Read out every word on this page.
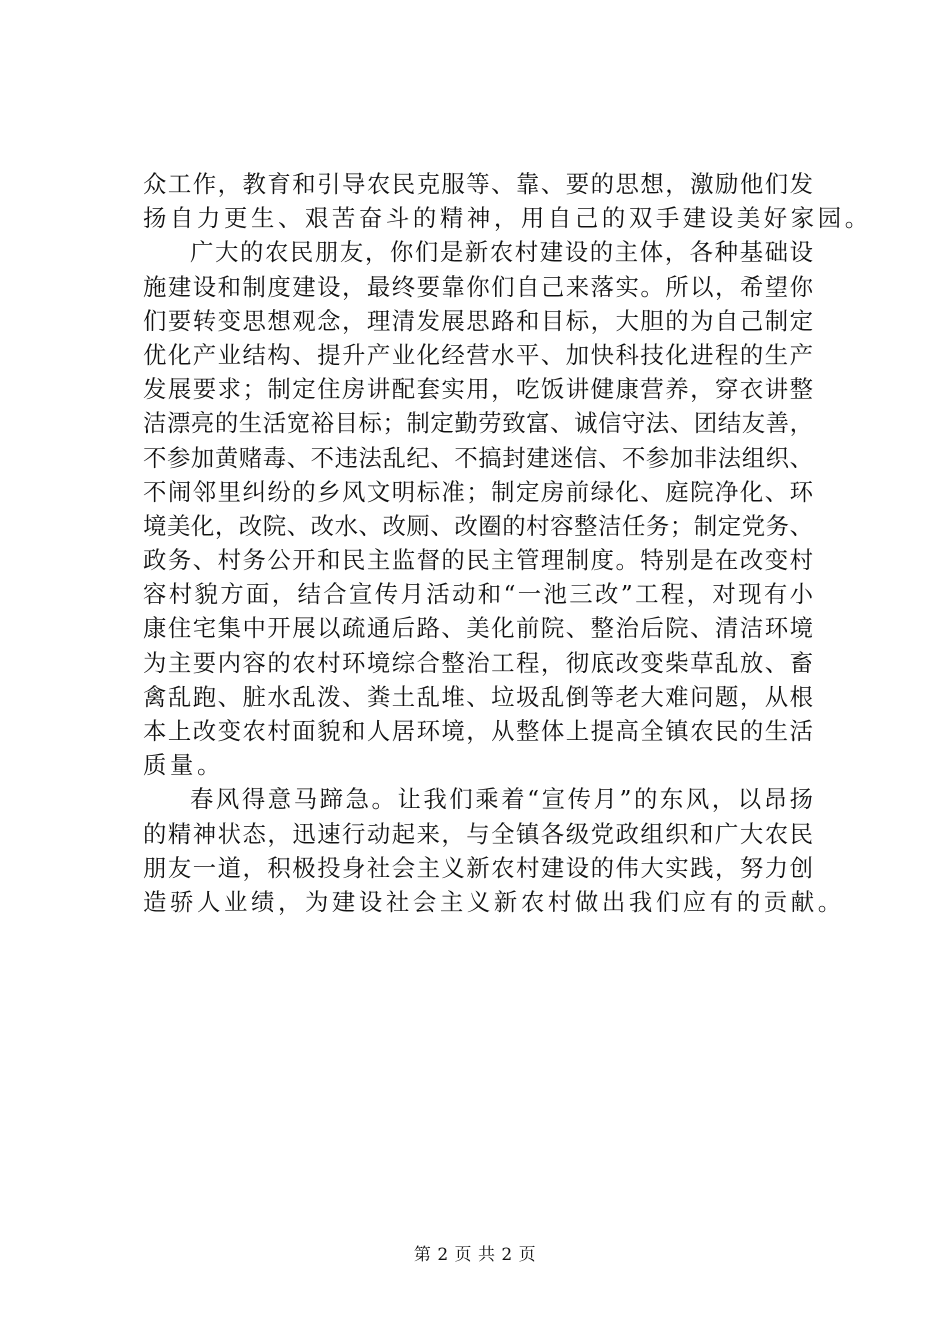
众工作，教育和引导农民克服等、靠、要的思想，激励他们发
扬自力更生、艰苦奋斗的精神，用自己的双手建设美好家园。
广大的农民朋友，你们是新农村建设的主体，各种基础设
施建设和制度建设，最终要靠你们自己来落实。所以，希望你
们要转变思想观念，理清发展思路和目标，大胆的为自己制定
优化产业结构、提升产业化经营水平、加快科技化进程的生产
发展要求；制定住房讲配套实用，吃饭讲健康营养，穿衣讲整
洁漂亮的生活宽裕目标；制定勤劳致富、诚信守法、团结友善，
不参加黄赌毒、不违法乱纪、不搞封建迷信、不参加非法组织、
不闹邻里纠纷的乡风文明标准；制定房前绿化、庭院净化、环
境美化，改院、改水、改厕、改圈的村容整洁任务；制定党务、
政务、村务公开和民主监督的民主管理制度。特别是在改变村
容村貌方面，结合宣传月活动和“一池三改”工程，对现有小
康住宅集中开展以疏通后路、美化前院、整治后院、清洁环境
为主要内容的农村环境综合整治工程，彻底改变柴草乱放、畜
禽乱跑、脏水乱泼、粪土乱堆、垃圾乱倒等老大难问题，从根
本上改变农村面貌和人居环境，从整体上提高全镇农民的生活
质量。
春风得意马蹄急。让我们乘着“宣传月”的东风，以昂扬
的精神状态，迅速行动起来，与全镇各级党政组织和广大农民
朋友一道，积极投身社会主义新农村建设的伟大实践，努力创
造骄人业绩，为建设社会主义新农村做出我们应有的贡献。
第 2 页 共 2 页
